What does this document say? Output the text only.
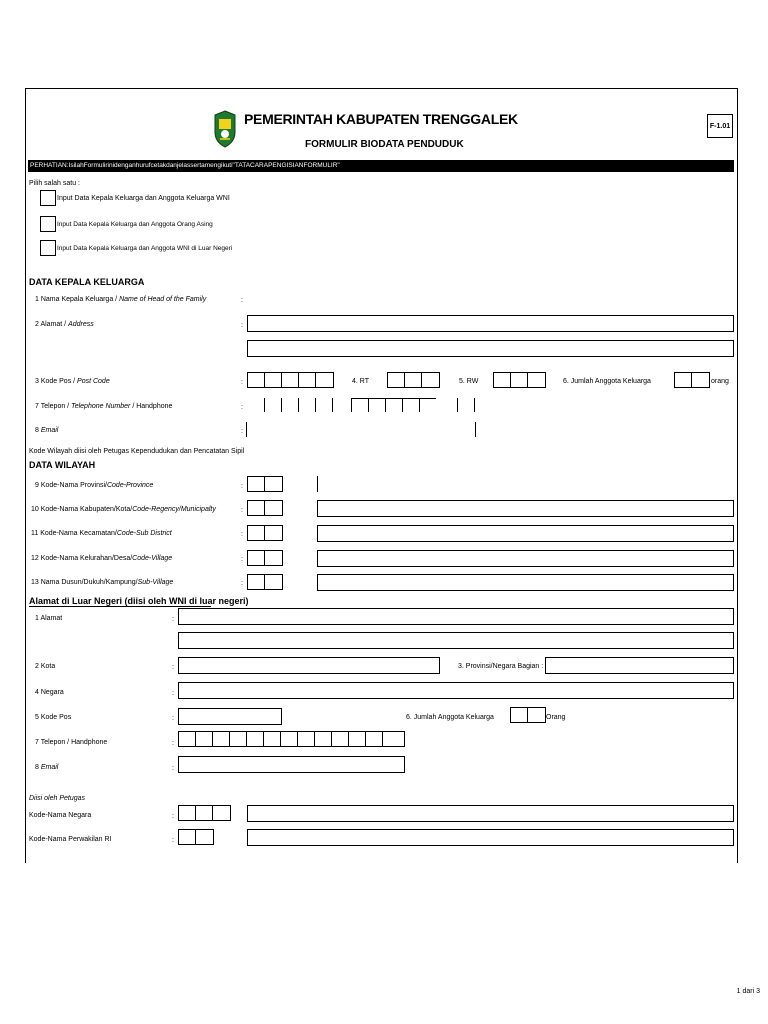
PEMERINTAH KABUPATEN TRENGGALEK
FORMULIR BIODATA PENDUDUK
F-1.01
PERHATIAN:IsilahFormulirinidenganhurufcetakdanjelassertamengikuti"TATACARAPENGISIANFORMULIR"
Pilih salah satu :
Input Data Kepala Keluarga dan Anggota Keluarga WNI
Input Data Kepala Keluarga dan Anggota Orang Asing
Input Data Kepala Keluarga dan Anggota WNI di Luar Negeri
DATA KEPALA KELUARGA
1 Nama Kepala Keluarga / Name of Head of the Family	:
2 Alamat / Address	:
3 Kode Pos / Post Code	:	4. RT	5. RW	6. Jumlah Anggota Keluarga	orang
7 Telepon / Telephone Number / Handphone	:
8 Email	:
Kode Wilayah diisi oleh Petugas Kependudukan dan Pencatatan Sipil
DATA WILAYAH
9 Kode-Nama Provinsi/Code-Province	:
10 Kode-Nama Kabupaten/Kota/Code-Regency/Municipalty	:
11 Kode-Nama Kecamatan/Code-Sub District	:
12 Kode-Nama Kelurahan/Desa/Code-Village	:
13 Nama Dusun/Dukuh/Kampung/Sub-Village	:
Alamat di Luar Negeri (diisi oleh WNI di luar negeri)
1 Alamat	:
2 Kota	:	3. Provinsi/Negara Bagian :
4 Negara	:
5 Kode Pos	:	6. Jumlah Anggota Keluarga	Orang
7 Telepon / Handphone	:
8 Email	:
Diisi oleh Petugas
Kode-Nama Negara	:
Kode-Nama Perwakilan RI	:
1 dari 3
